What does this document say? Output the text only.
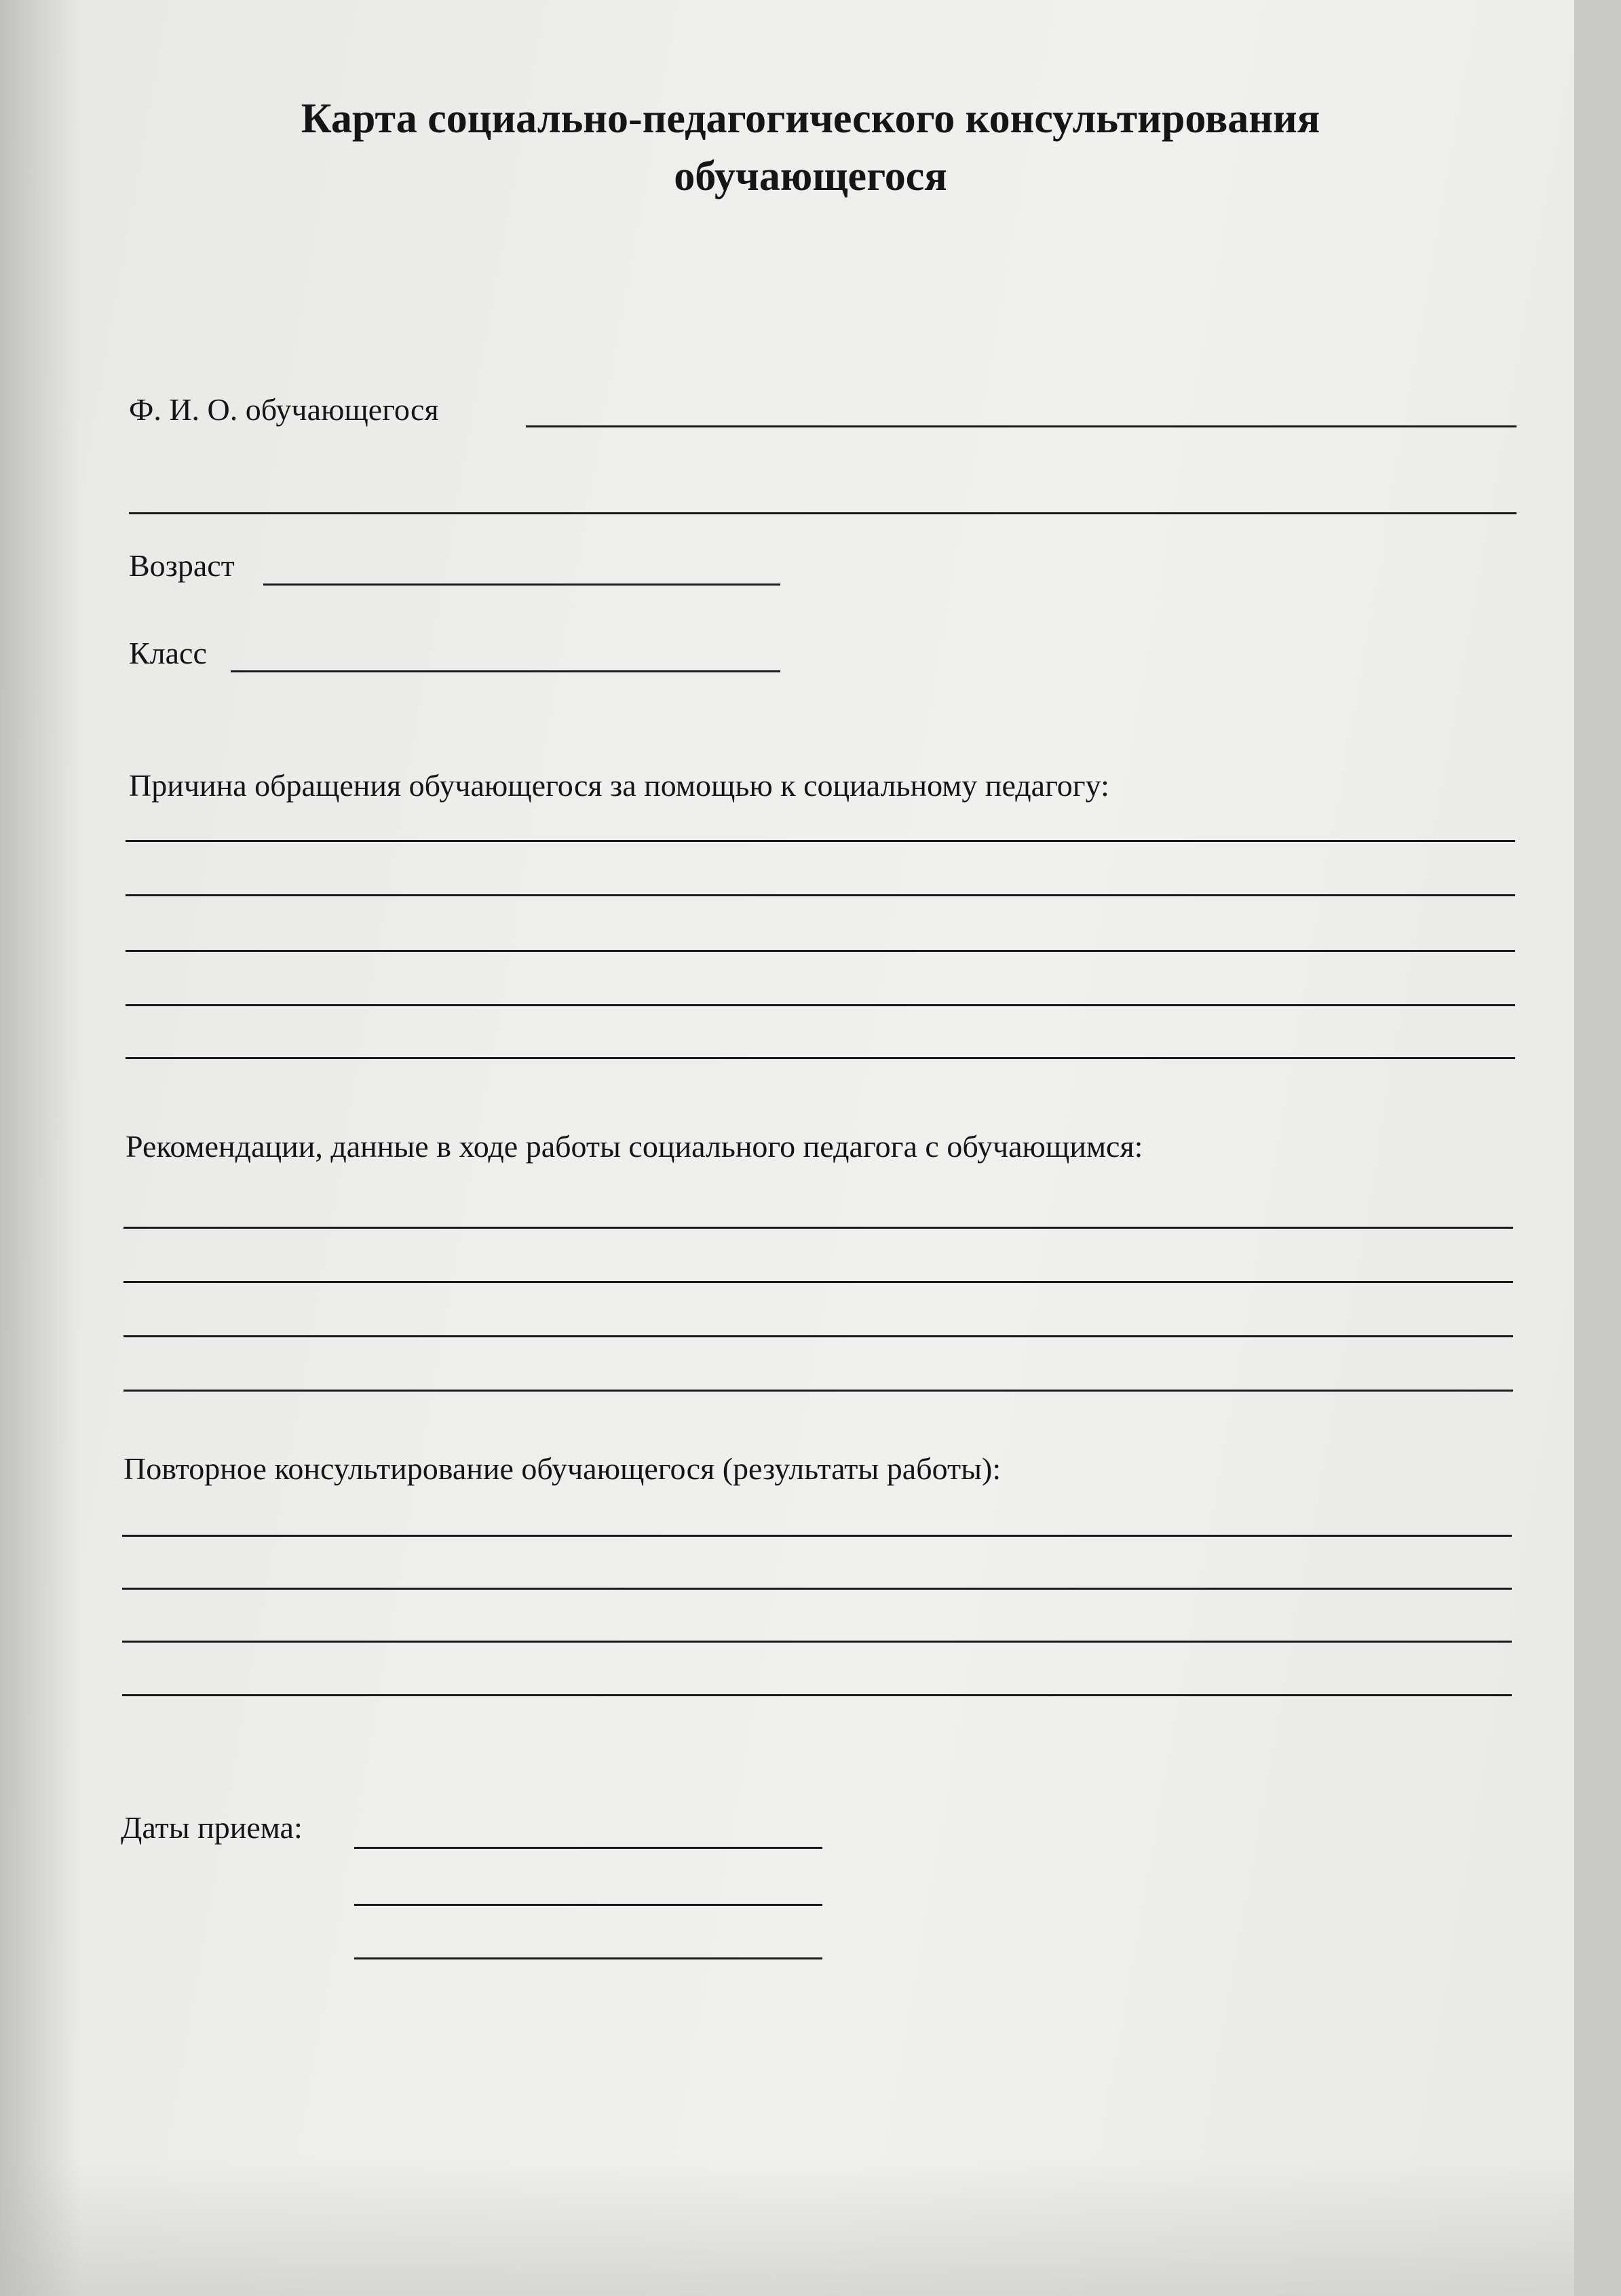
Карта социально-педагогического консультирования
обучающегося
Ф. И. О. обучающегося
Возраст
Класс
Причина обращения обучающегося за помощью к социальному педагогу:
Рекомендации, данные в ходе работы социального педагога с обучающимся:
Повторное консультирование обучающегося (результаты работы):
Даты приема:
